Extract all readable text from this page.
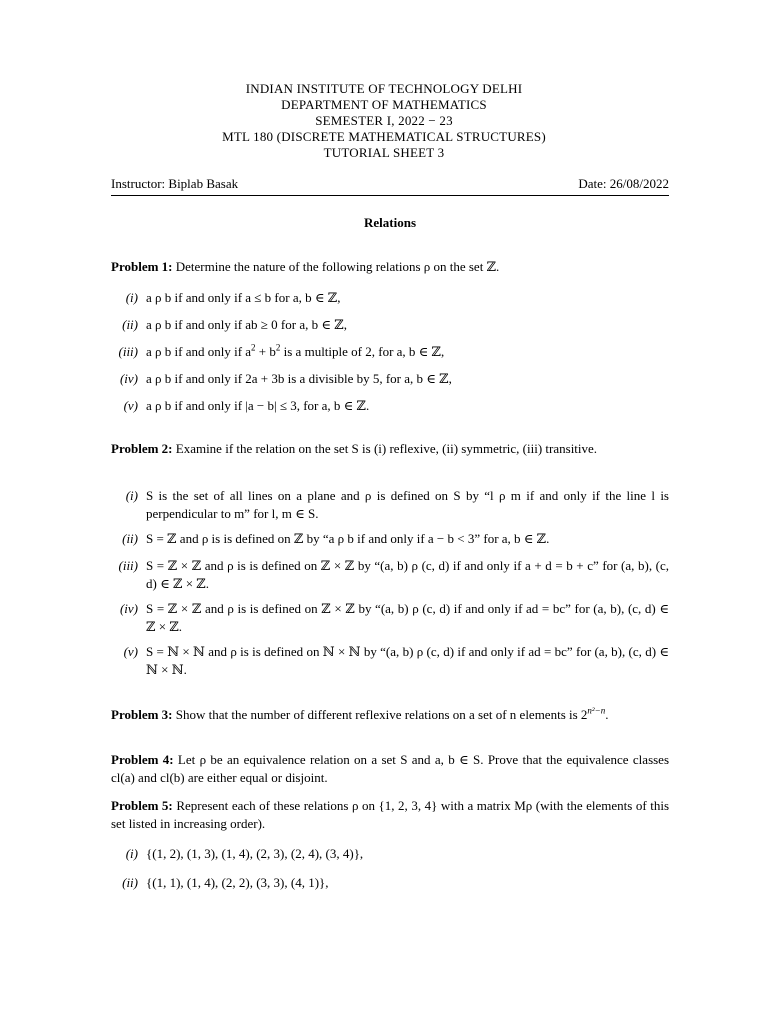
INDIAN INSTITUTE OF TECHNOLOGY DELHI
DEPARTMENT OF MATHEMATICS
SEMESTER I, 2022 − 23
MTL 180 (DISCRETE MATHEMATICAL STRUCTURES)
TUTORIAL SHEET 3
Instructor: Biplab Basak	Date: 26/08/2022
Relations
Problem 1: Determine the nature of the following relations ρ on the set ℤ.
(i) a ρ b if and only if a ≤ b for a, b ∈ ℤ,
(ii) a ρ b if and only if ab ≥ 0 for a, b ∈ ℤ,
(iii) a ρ b if and only if $a^2 + b^2$ is a multiple of 2, for a, b ∈ ℤ,
(iv) a ρ b if and only if 2a + 3b is a divisible by 5, for a, b ∈ ℤ,
(v) a ρ b if and only if |a − b| ≤ 3, for a, b ∈ ℤ.
Problem 2: Examine if the relation on the set S is (i) reflexive, (ii) symmetric, (iii) transitive.
(i) S is the set of all lines on a plane and ρ is defined on S by “l ρ m if and only if the line l is perpendicular to m” for l, m ∈ S.
(ii) S = ℤ and ρ is is defined on ℤ by “a ρ b if and only if a − b < 3” for a, b ∈ ℤ.
(iii) S = ℤ × ℤ and ρ is is defined on ℤ × ℤ by “(a, b) ρ (c, d) if and only if a + d = b + c” for (a, b), (c, d) ∈ ℤ × ℤ.
(iv) S = ℤ × ℤ and ρ is is defined on ℤ × ℤ by “(a, b) ρ (c, d) if and only if ad = bc” for (a, b), (c, d) ∈ ℤ × ℤ.
(v) S = ℕ × ℕ and ρ is is defined on ℕ × ℕ by “(a, b) ρ (c, d) if and only if ad = bc” for (a, b), (c, d) ∈ ℕ × ℕ.
Problem 3: Show that the number of different reflexive relations on a set of n elements is $2^{n^2-n}$.
Problem 4: Let ρ be an equivalence relation on a set S and a, b ∈ S. Prove that the equivalence classes cl(a) and cl(b) are either equal or disjoint.
Problem 5: Represent each of these relations ρ on {1, 2, 3, 4} with a matrix Mρ (with the elements of this set listed in increasing order).
(i) {(1, 2), (1, 3), (1, 4), (2, 3), (2, 4), (3, 4)},
(ii) {(1, 1), (1, 4), (2, 2), (3, 3), (4, 1)},
